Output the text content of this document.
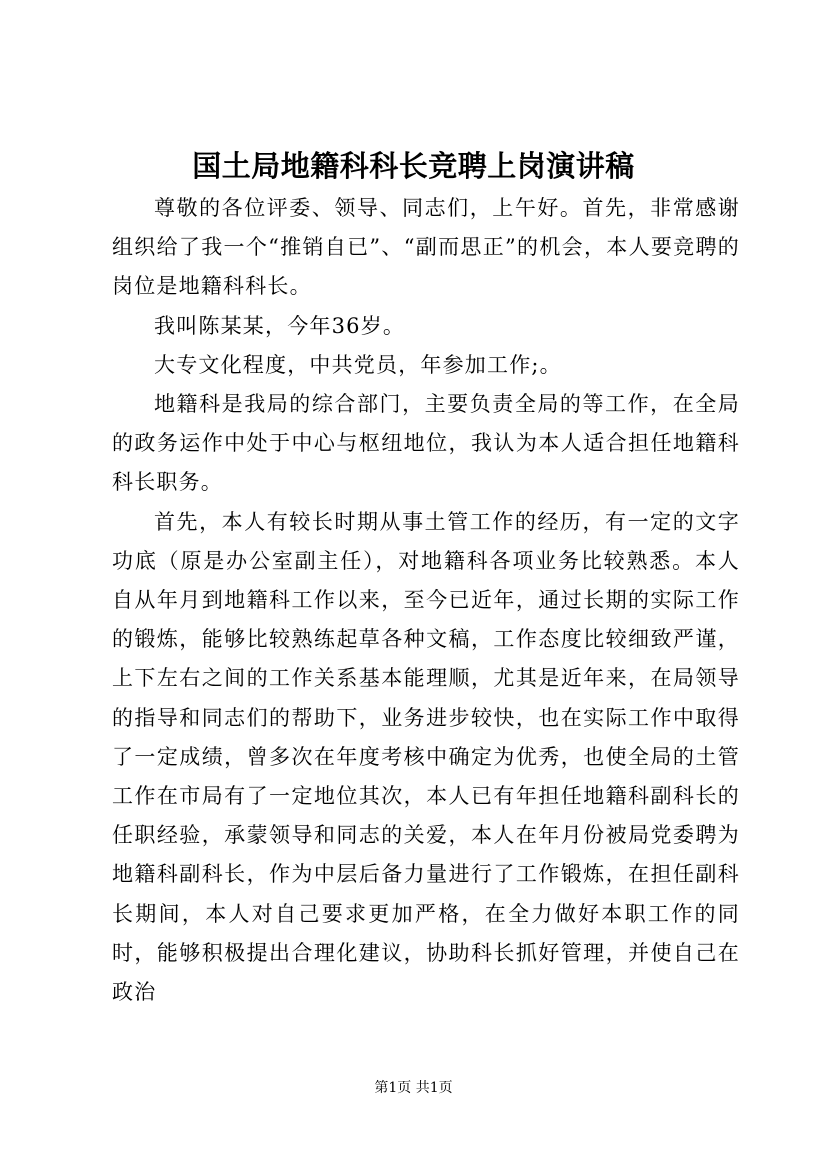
国土局地籍科科长竞聘上岗演讲稿

尊敬的各位评委、领导、同志们，上午好。首先，非常感谢组织给了我一个“推销自已”、“副而思正”的机会，本人要竞聘的岗位是地籍科科长。

我叫陈某某，今年36岁。

大专文化程度，中共党员，年参加工作;。

地籍科是我局的综合部门，主要负责全局的等工作，在全局的政务运作中处于中心与枢纽地位，我认为本人适合担任地籍科科长职务。

首先，本人有较长时期从事土管工作的经历，有一定的文字功底（原是办公室副主任），对地籍科各项业务比较熟悉。本人自从年月到地籍科工作以来，至今已近年，通过长期的实际工作的锻炼，能够比较熟练起草各种文稿，工作态度比较细致严谨，上下左右之间的工作关系基本能理顺，尤其是近年来，在局领导的指导和同志们的帮助下，业务进步较快，也在实际工作中取得了一定成绩，曾多次在年度考核中确定为优秀，也使全局的土管工作在市局有了一定地位其次，本人已有年担任地籍科副科长的任职经验，承蒙领导和同志的关爱，本人在年月份被局党委聘为地籍科副科长，作为中层后备力量进行了工作锻炼，在担任副科长期间，本人对自己要求更加严格，在全力做好本职工作的同时，能够积极提出合理化建议，协助科长抓好管理，并使自己在政治

第1页 共1页
